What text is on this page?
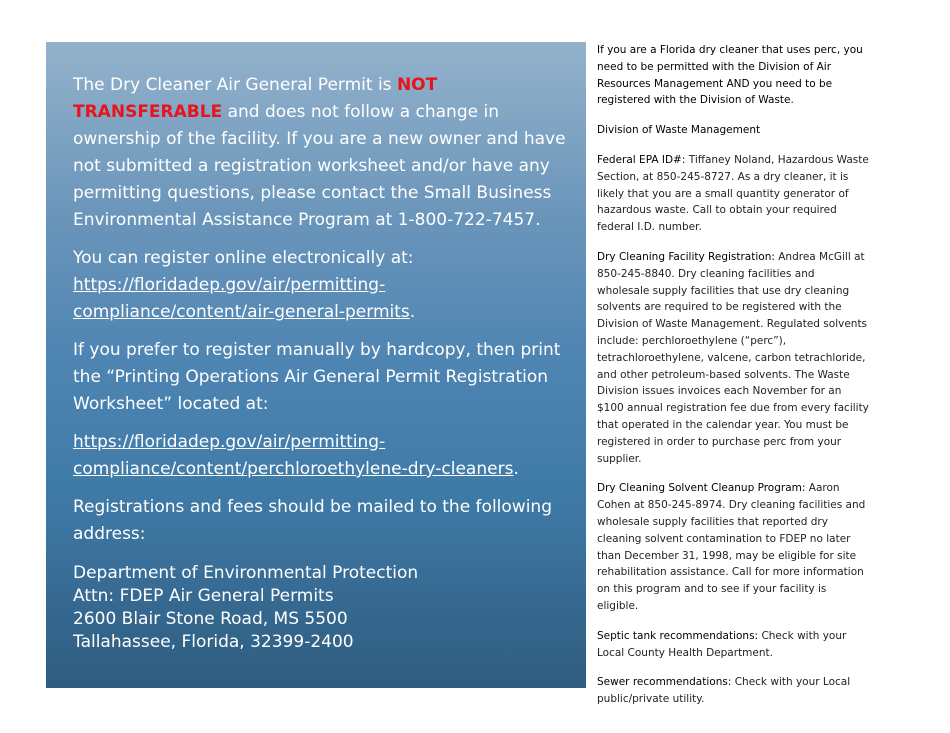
The Dry Cleaner Air General Permit is NOT TRANSFERABLE and does not follow a change in ownership of the facility. If you are a new owner and have not submitted a registration worksheet and/or have any permitting questions, please contact the Small Business Environmental Assistance Program at 1-800-722-7457.

You can register online electronically at: https://floridadep.gov/air/permitting-compliance/content/air-general-permits.

If you prefer to register manually by hardcopy, then print the “Printing Operations Air General Permit Registration Worksheet” located at:

https://floridadep.gov/air/permitting-compliance/content/perchloroethylene-dry-cleaners.

Registrations and fees should be mailed to the following address:

Department of Environmental Protection
Attn: FDEP Air General Permits
2600 Blair Stone Road, MS 5500
Tallahassee, Florida, 32399-2400

If you are a Florida dry cleaner that uses perc, you need to be permitted with the Division of Air Resources Management AND you need to be registered with the Division of Waste.

Division of Waste Management

Federal EPA ID#: Tiffaney Noland, Hazardous Waste Section, at 850-245-8727. As a dry cleaner, it is likely that you are a small quantity generator of hazardous waste. Call to obtain your required federal I.D. number.

Dry Cleaning Facility Registration: Andrea McGill at 850-245-8840. Dry cleaning facilities and wholesale supply facilities that use dry cleaning solvents are required to be registered with the Division of Waste Management. Regulated solvents include: perchloroethylene (“perc”), tetrachloroethylene, valcene, carbon tetrachloride, and other petroleum-based solvents. The Waste Division issues invoices each November for an $100 annual registration fee due from every facility that operated in the calendar year. You must be registered in order to purchase perc from your supplier.

Dry Cleaning Solvent Cleanup Program: Aaron Cohen at 850-245-8974. Dry cleaning facilities and wholesale supply facilities that reported dry cleaning solvent contamination to FDEP no later than December 31, 1998, may be eligible for site rehabilitation assistance. Call for more information on this program and to see if your facility is eligible.

Septic tank recommendations: Check with your Local County Health Department.

Sewer recommendations: Check with your Local public/private utility.
